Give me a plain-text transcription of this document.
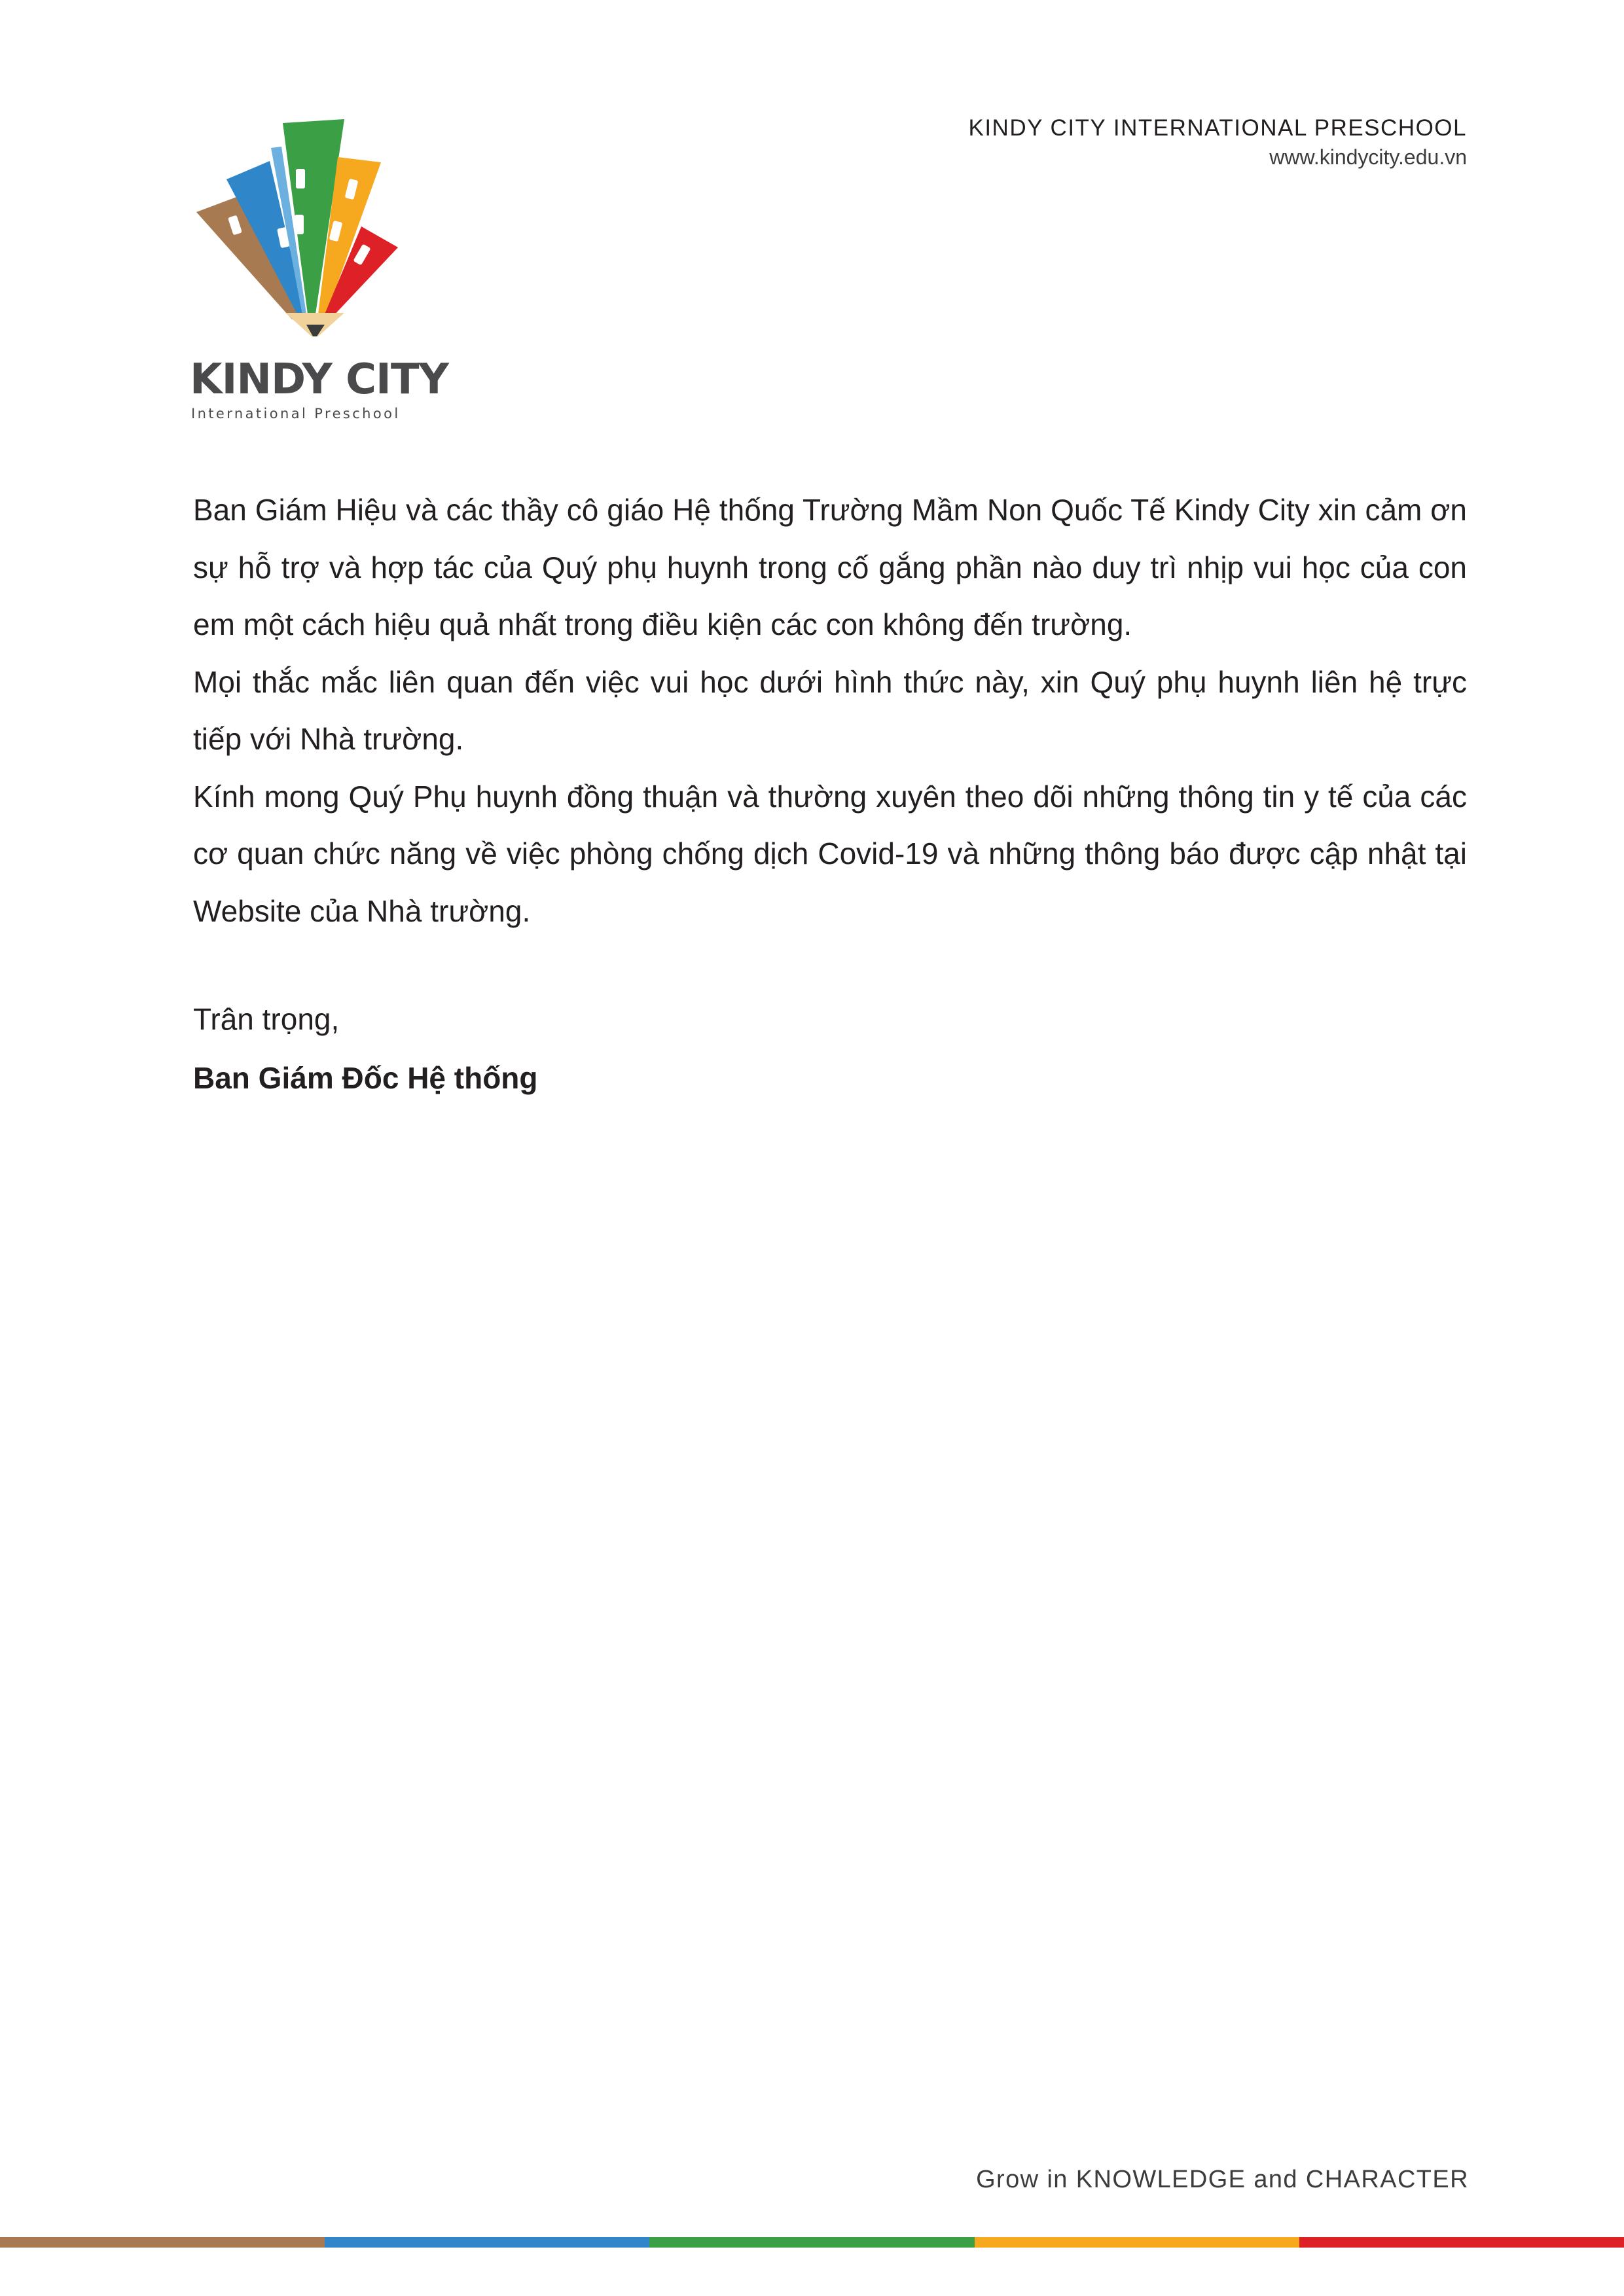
KINDY CITY
International Preschool
KINDY CITY INTERNATIONAL PRESCHOOL
www.kindycity.edu.vn

Ban Giám Hiệu và các thầy cô giáo Hệ thống Trường Mầm Non Quốc Tế Kindy City xin cảm ơn sự hỗ trợ và hợp tác của Quý phụ huynh trong cố gắng phần nào duy trì nhịp vui học của con em một cách hiệu quả nhất trong điều kiện các con không đến trường.

Mọi thắc mắc liên quan đến việc vui học dưới hình thức này, xin Quý phụ huynh liên hệ trực tiếp với Nhà trường.

Kính mong Quý Phụ huynh đồng thuận và thường xuyên theo dõi những thông tin y tế của các cơ quan chức năng về việc phòng chống dịch Covid-19 và những thông báo được cập nhật tại Website của Nhà trường.

Trân trọng,
Ban Giám Đốc Hệ thống
Grow in KNOWLEDGE and CHARACTER
